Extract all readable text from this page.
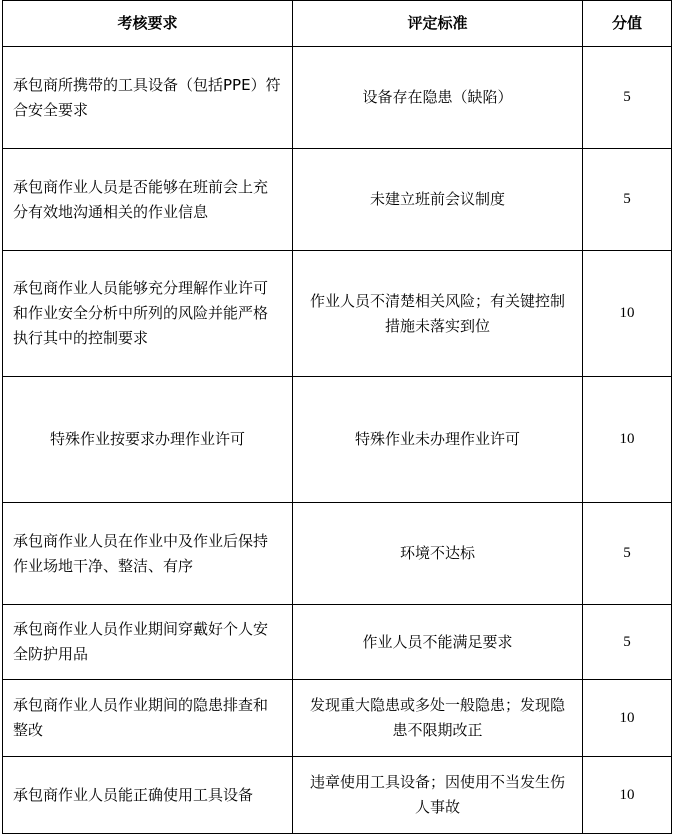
考核要求	评定标准	分值
承包商所携带的工具设备（包括PPE）符合安全要求	设备存在隐患（缺陷）	5
承包商作业人员是否能够在班前会上充分有效地沟通相关的作业信息	未建立班前会议制度	5
承包商作业人员能够充分理解作业许可和作业安全分析中所列的风险并能严格执行其中的控制要求	作业人员不清楚相关风险；有关键控制措施未落实到位	10
特殊作业按要求办理作业许可	特殊作业未办理作业许可	10
承包商作业人员在作业中及作业后保持作业场地干净、整洁、有序	环境不达标	5
承包商作业人员作业期间穿戴好个人安全防护用品	作业人员不能满足要求	5
承包商作业人员作业期间的隐患排查和整改	发现重大隐患或多处一般隐患；发现隐患不限期改正	10
承包商作业人员能正确使用工具设备	违章使用工具设备；因使用不当发生伤人事故	10
